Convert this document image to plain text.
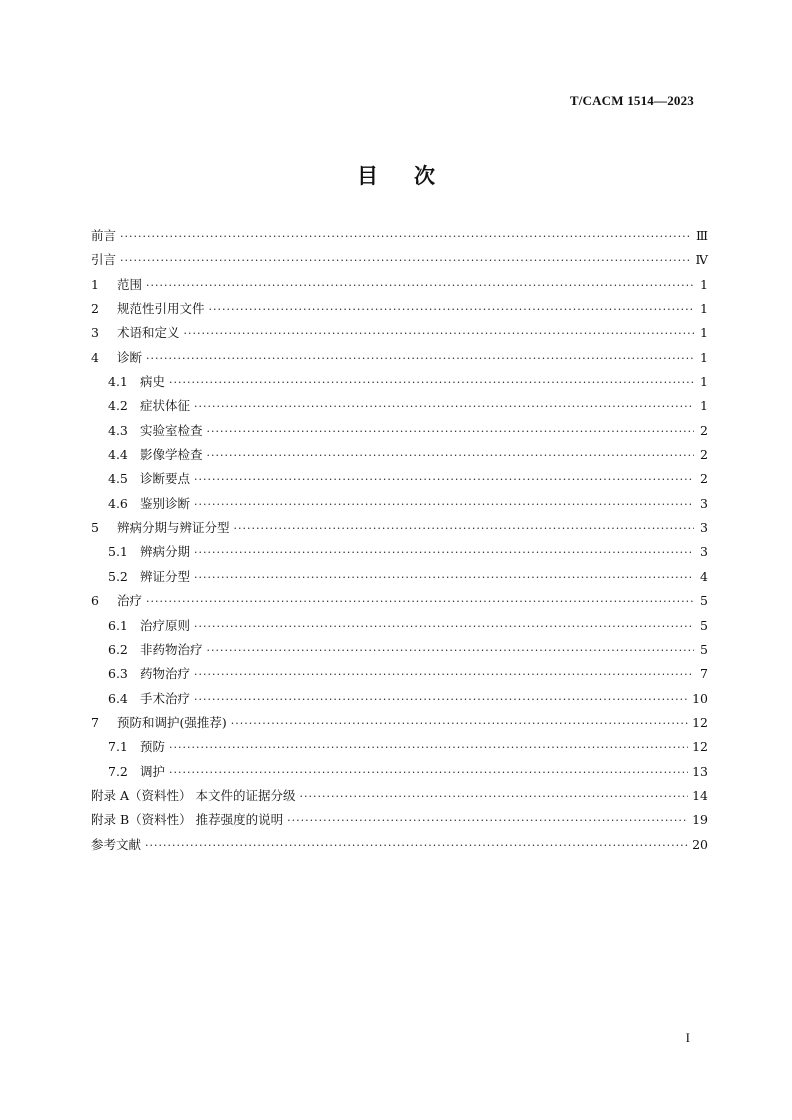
T/CACM 1514—2023
目次
前言 ·····	Ⅲ
引言 ·····	Ⅳ
1 范围 ·····	1
2 规范性引用文件 ·····	1
3 术语和定义 ·····	1
4 诊断 ·····	1
4.1 病史 ·····	1
4.2 症状体征 ·····	1
4.3 实验室检查 ·····	2
4.4 影像学检查 ·····	2
4.5 诊断要点 ·····	2
4.6 鉴别诊断 ·····	3
5 辨病分期与辨证分型 ·····	3
5.1 辨病分期 ·····	3
5.2 辨证分型 ·····	4
6 治疗 ·····	5
6.1 治疗原则 ·····	5
6.2 非药物治疗 ·····	5
6.3 药物治疗 ·····	7
6.4 手术治疗 ·····	10
7 预防和调护(强推荐) ·····	12
7.1 预防 ·····	12
7.2 调护 ·····	13
附录 A（资料性） 本文件的证据分级 ·····	14
附录 B（资料性） 推荐强度的说明 ·····	19
参考文献 ·····	20
I
